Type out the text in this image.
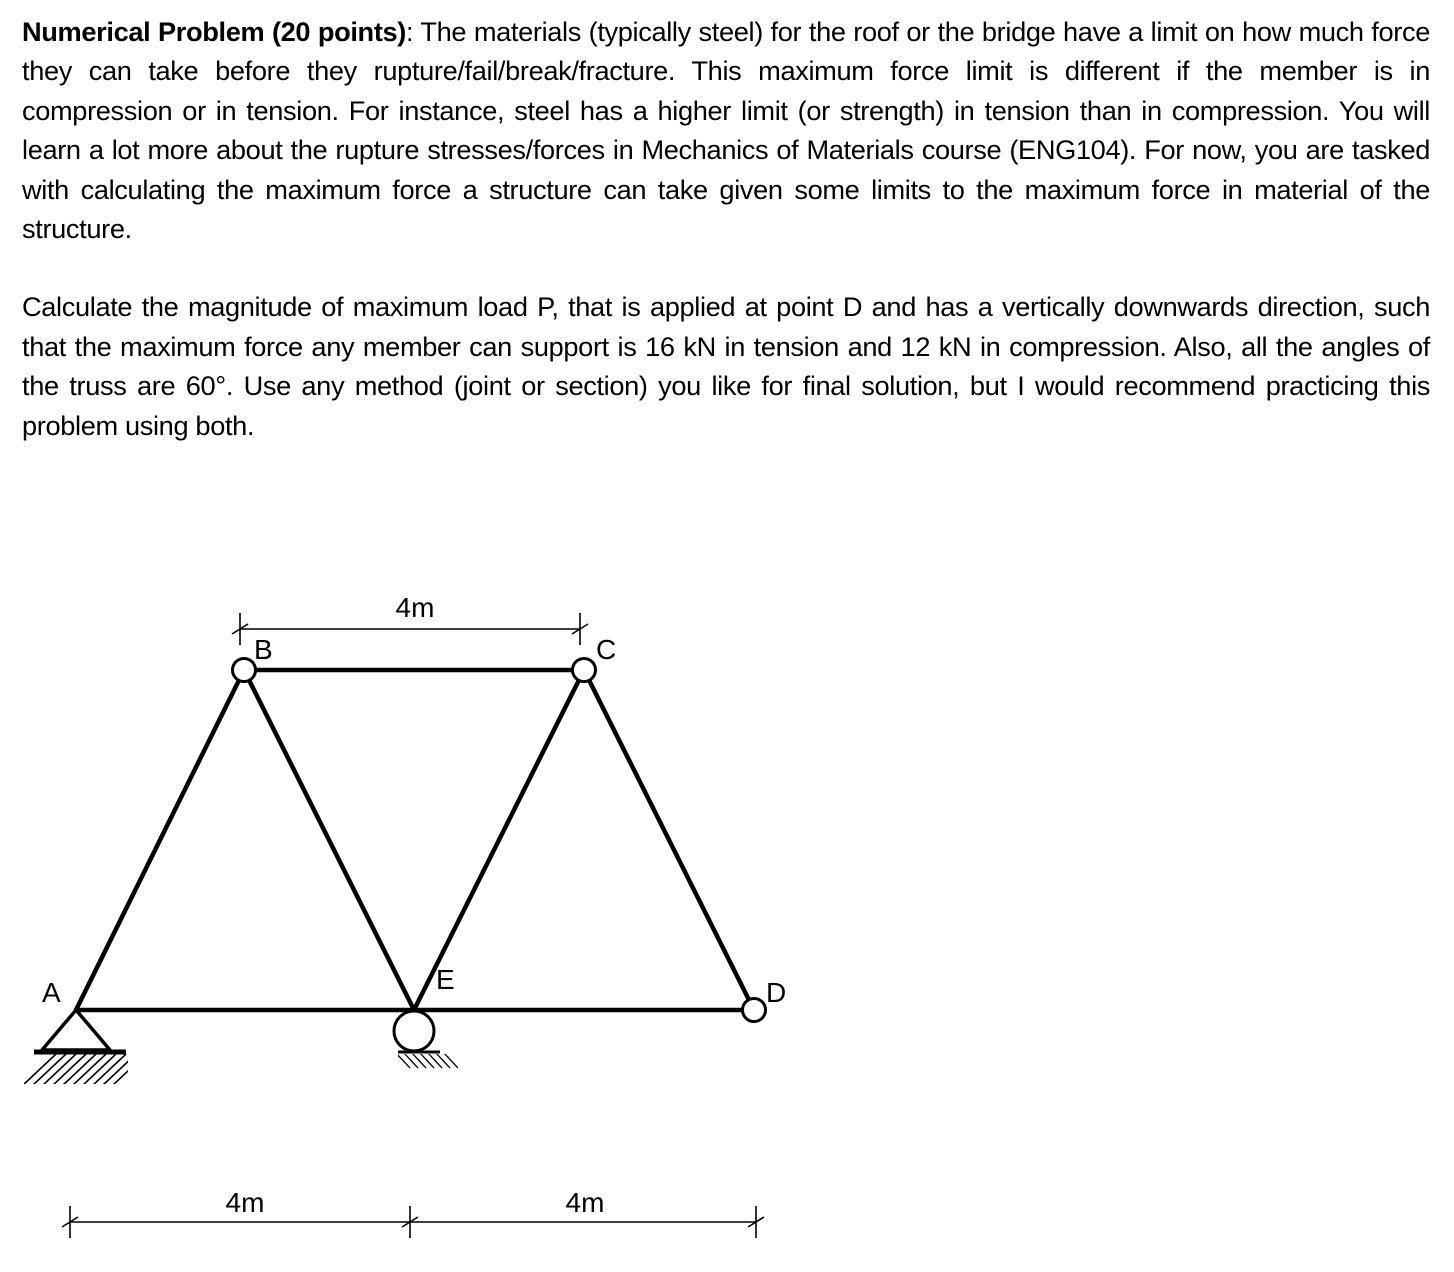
Numerical Problem (20 points): The materials (typically steel) for the roof or the bridge have a limit on how much force they can take before they rupture/fail/break/fracture. This maximum force limit is different if the member is in compression or in tension. For instance, steel has a higher limit (or strength) in tension than in compression. You will learn a lot more about the rupture stresses/forces in Mechanics of Materials course (ENG104). For now, you are tasked with calculating the maximum force a structure can take given some limits to the maximum force in material of the structure.

Calculate the magnitude of maximum load P, that is applied at point D and has a vertically downwards direction, such that the maximum force any member can support is 16 kN in tension and 12 kN in compression. Also, all the angles of the truss are 60°. Use any method (joint or section) you like for final solution, but I would recommend practicing this problem using both.

A
B	C
D
E
4m
4m	4m
